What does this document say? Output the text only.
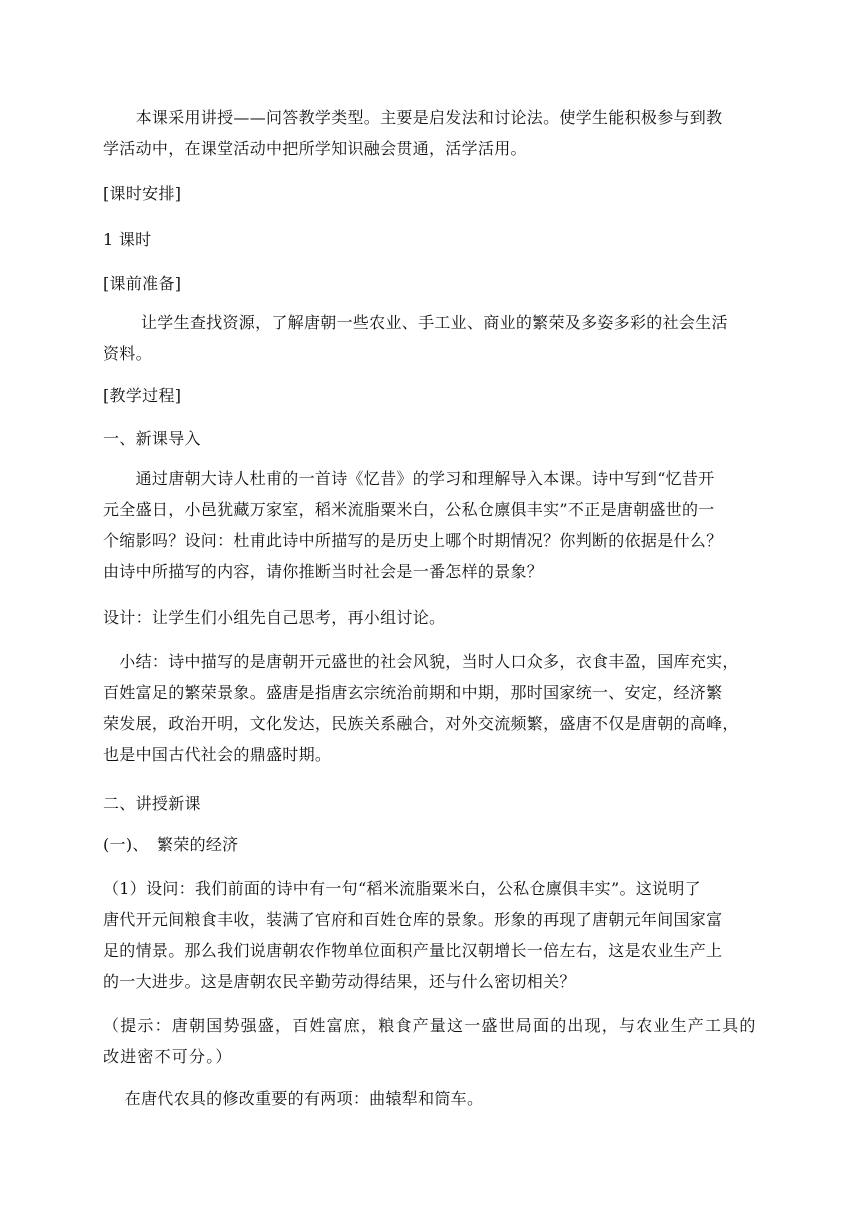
　　本课采用讲授——问答教学类型。主要是启发法和讨论法。使学生能积极参与到教
学活动中，在课堂活动中把所学知识融会贯通，活学活用。
[课时安排]
1 课时
[课前准备]
　　 让学生查找资源，了解唐朝一些农业、手工业、商业的繁荣及多姿多彩的社会生活
资料。
[教学过程]
一、新课导入
　　通过唐朝大诗人杜甫的一首诗《忆昔》的学习和理解导入本课。诗中写到“忆昔开
元全盛日，小邑犹藏万家室，稻米流脂粟米白，公私仓廪俱丰实”不正是唐朝盛世的一
个缩影吗？设问：杜甫此诗中所描写的是历史上哪个时期情况？你判断的依据是什么？
由诗中所描写的内容，请你推断当时社会是一番怎样的景象？
设计：让学生们小组先自己思考，再小组讨论。
　小结：诗中描写的是唐朝开元盛世的社会风貌，当时人口众多，衣食丰盈，国库充实，
百姓富足的繁荣景象。盛唐是指唐玄宗统治前期和中期，那时国家统一、安定，经济繁
荣发展，政治开明，文化发达，民族关系融合，对外交流频繁，盛唐不仅是唐朝的高峰，
也是中国古代社会的鼎盛时期。
二、讲授新课
(一)、　繁荣的经济
（1）设问：我们前面的诗中有一句“稻米流脂粟米白，公私仓廪俱丰实”。这说明了
唐代开元间粮食丰收，装满了官府和百姓仓库的景象。形象的再现了唐朝元年间国家富
足的情景。那么我们说唐朝农作物单位面积产量比汉朝增长一倍左右，这是农业生产上
的一大进步。这是唐朝农民辛勤劳动得结果，还与什么密切相关？
（提示：唐朝国势强盛，百姓富庶，粮食产量这一盛世局面的出现，与农业生产工具的
改进密不可分。）
　 在唐代农具的修改重要的有两项：曲辕犁和筒车。
